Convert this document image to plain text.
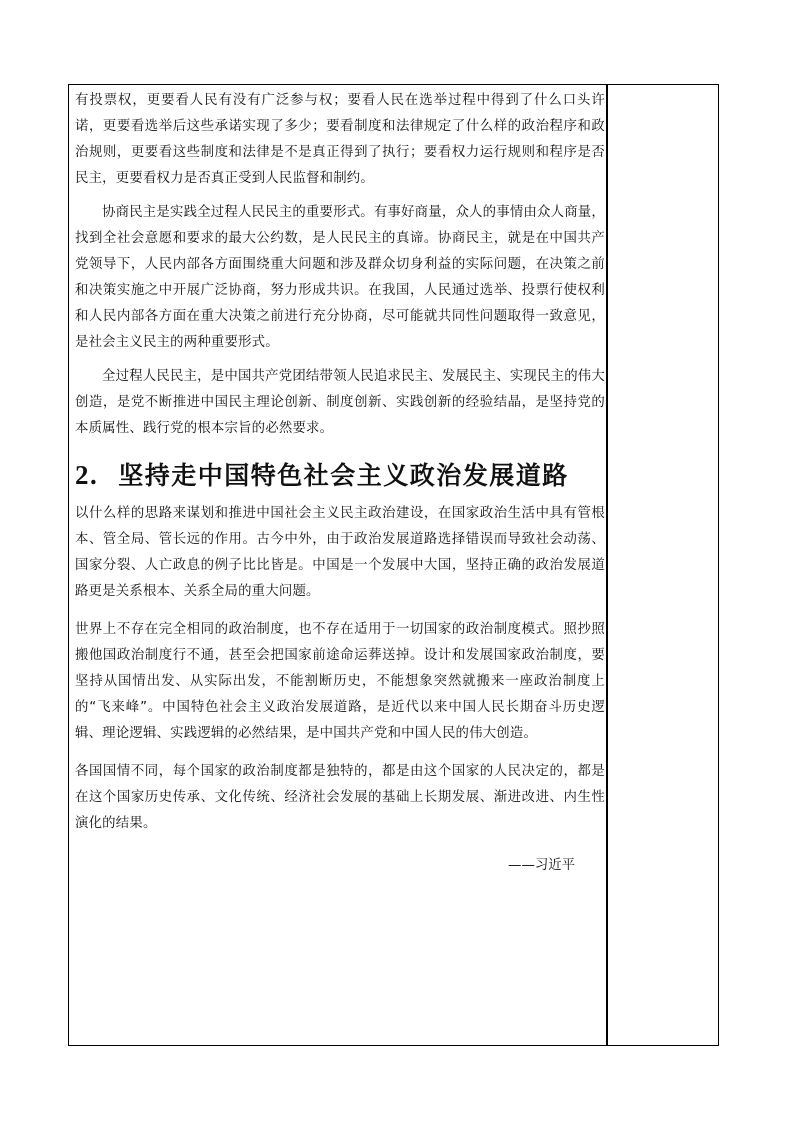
有投票权，更要看人民有没有广泛参与权；要看人民在选举过程中得到了什么口头许诺，更要看选举后这些承诺实现了多少；要看制度和法律规定了什么样的政治程序和政治规则，更要看这些制度和法律是不是真正得到了执行；要看权力运行规则和程序是否民主，更要看权力是否真正受到人民监督和制约。

协商民主是实践全过程人民民主的重要形式。有事好商量，众人的事情由众人商量，找到全社会意愿和要求的最大公约数，是人民民主的真谛。协商民主，就是在中国共产党领导下，人民内部各方面围绕重大问题和涉及群众切身利益的实际问题，在决策之前和决策实施之中开展广泛协商，努力形成共识。在我国，人民通过选举、投票行使权利和人民内部各方面在重大决策之前进行充分协商，尽可能就共同性问题取得一致意见，是社会主义民主的两种重要形式。

全过程人民民主，是中国共产党团结带领人民追求民主、发展民主、实现民主的伟大创造，是党不断推进中国民主理论创新、制度创新、实践创新的经验结晶，是坚持党的本质属性、践行党的根本宗旨的必然要求。

2. 坚持走中国特色社会主义政治发展道路

以什么样的思路来谋划和推进中国社会主义民主政治建设，在国家政治生活中具有管根本、管全局、管长远的作用。古今中外，由于政治发展道路选择错误而导致社会动荡、国家分裂、人亡政息的例子比比皆是。中国是一个发展中大国，坚持正确的政治发展道路更是关系根本、关系全局的重大问题。

世界上不存在完全相同的政治制度，也不存在适用于一切国家的政治制度模式。照抄照搬他国政治制度行不通，甚至会把国家前途命运葬送掉。设计和发展国家政治制度，要坚持从国情出发、从实际出发，不能割断历史，不能想象突然就搬来一座政治制度上的“飞来峰”。中国特色社会主义政治发展道路，是近代以来中国人民长期奋斗历史逻辑、理论逻辑、实践逻辑的必然结果，是中国共产党和中国人民的伟大创造。

各国国情不同，每个国家的政治制度都是独特的，都是由这个国家的人民决定的，都是在这个国家历史传承、文化传统、经济社会发展的基础上长期发展、渐进改进、内生性演化的结果。

——习近平
